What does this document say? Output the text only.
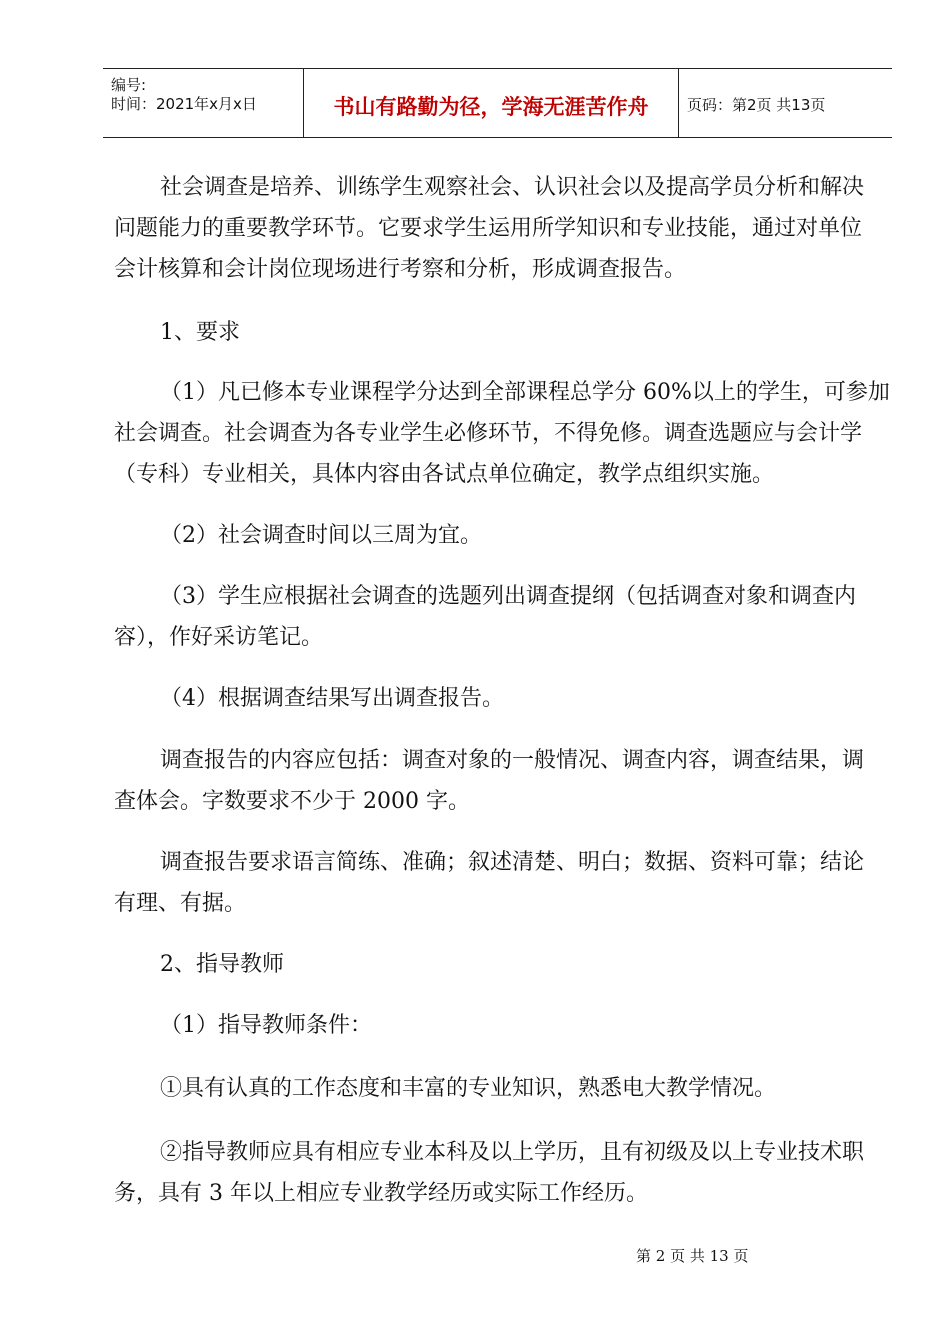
编号:
时间：2021年x月x日	书山有路勤为径，学海无涯苦作舟	页码：第2页 共13页

社会调查是培养、训练学生观察社会、认识社会以及提高学员分析和解决

问题能力的重要教学环节。它要求学生运用所学知识和专业技能，通过对单位

会计核算和会计岗位现场进行考察和分析，形成调查报告。

1、要求

（1）凡已修本专业课程学分达到全部课程总学分 60%以上的学生，可参加

社会调查。社会调查为各专业学生必修环节，不得免修。调查选题应与会计学

（专科）专业相关，具体内容由各试点单位确定，教学点组织实施。

（2）社会调查时间以三周为宜。

（3）学生应根据社会调查的选题列出调查提纲（包括调查对象和调查内

容），作好采访笔记。

（4）根据调查结果写出调查报告。

调查报告的内容应包括：调查对象的一般情况、调查内容，调查结果，调

查体会。字数要求不少于 2000 字。

调查报告要求语言简练、准确；叙述清楚、明白；数据、资料可靠；结论

有理、有据。

2、指导教师

（1）指导教师条件：

①具有认真的工作态度和丰富的专业知识，熟悉电大教学情况。

②指导教师应具有相应专业本科及以上学历，且有初级及以上专业技术职

务，具有 3 年以上相应专业教学经历或实际工作经历。

第 2 页 共 13 页
